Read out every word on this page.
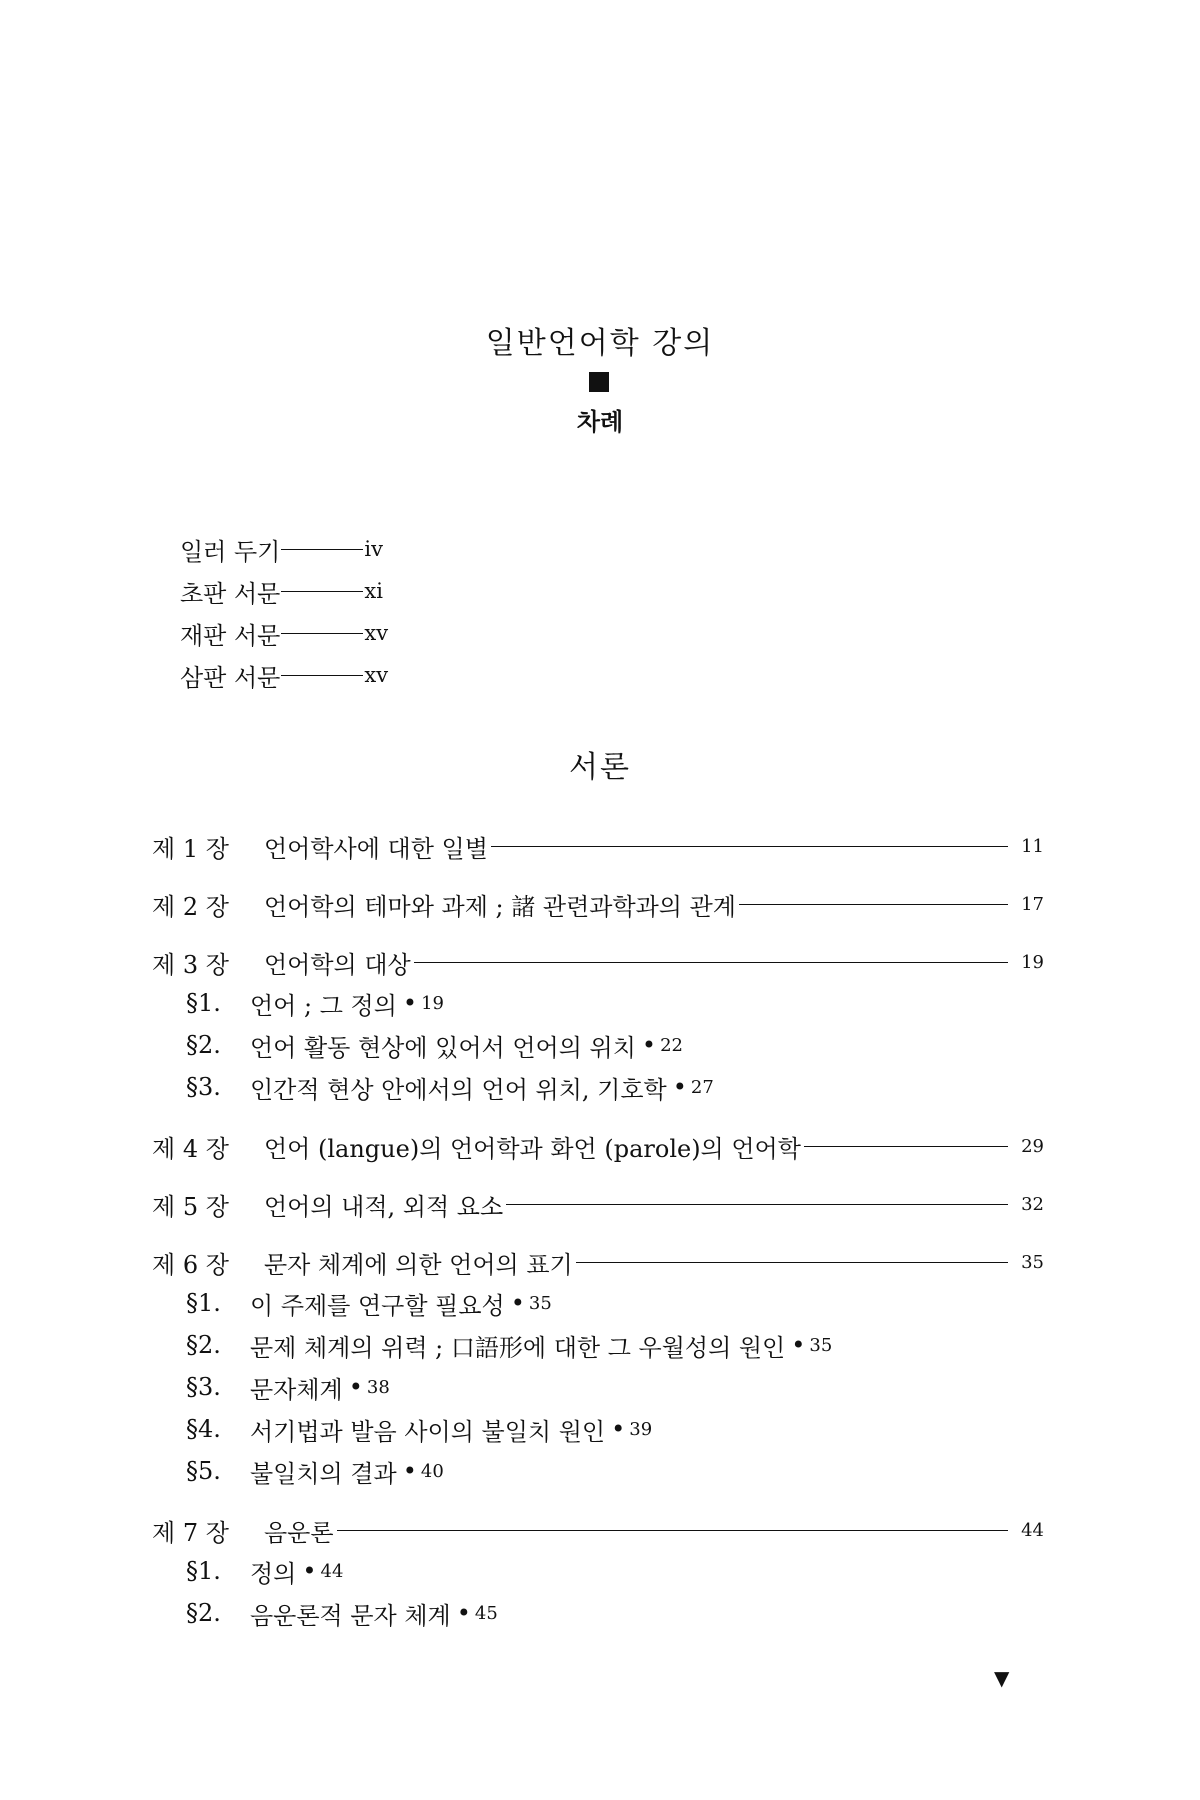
일반언어학 강의
차례
일러 두기	iv
초판 서문	xi
재판 서문	xv
삼판 서문	xv
서론
제 1 장	언어학사에 대한 일별	11
제 2 장	언어학의 테마와 과제 ; 諸 관련과학과의 관계	17
제 3 장	언어학의 대상	19
§1.	언어 ; 그 정의 • 19
§2.	언어 활동 현상에 있어서 언어의 위치 • 22
§3.	인간적 현상 안에서의 언어 위치, 기호학 • 27
제 4 장	언어 (langue)의 언어학과 화언 (parole)의 언어학	29
제 5 장	언어의 내적, 외적 요소	32
제 6 장	문자 체계에 의한 언어의 표기	35
§1.	이 주제를 연구할 필요성 • 35
§2.	문제 체계의 위력 ; 口語形에 대한 그 우월성의 원인 • 35
§3.	문자체계 • 38
§4.	서기법과 발음 사이의 불일치 원인 • 39
§5.	불일치의 결과 • 40
제 7 장	음운론	44
§1.	정의 • 44
§2.	음운론적 문자 체계 • 45
▼
